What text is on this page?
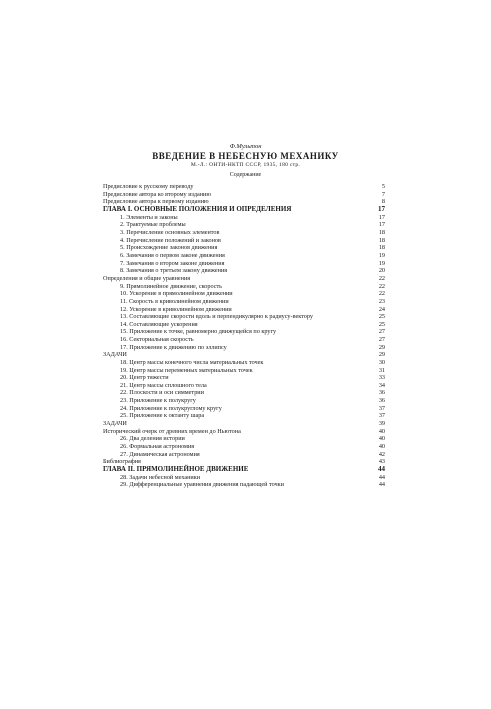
Ф.Мультон
ВВЕДЕНИЕ В НЕБЕСНУЮ МЕХАНИКУ
М.-Л.: ОНТИ-НКТП СССР, 1935, 180 стр.
Содержание
Предисловие к русскому переводу	5
Предисловие автора ко второму изданию	7
Предисловие автора к первому изданию	8
ГЛАВА I. ОСНОВНЫЕ ПОЛОЖЕНИЯ И ОПРЕДЕЛЕНИЯ	17
1. Элементы и законы	17
2. Трактуемые проблемы	17
3. Перечисление основных элементов	18
4. Перечисление положений и законов	18
5. Происхождение законов движения	18
6. Замечания о первом законе движения	19
7. Замечания о втором законе движения	19
8. Замечания о третьем закону движения	20
Определения и общие уравнения	22
9. Прямолинейное движение, скорость	22
10. Ускорение в прямолинейном движении	22
11. Скорость в криволинейном движении	23
12. Ускорение в криволинейном движении	24
13. Составляющие скорости вдоль и перпендикулярно к радиусу-вектору	25
14. Составляющие ускорения	25
15. Приложение к точке, равномерно движущейся по кругу	27
16. Секториальная скорость	27
17. Приложение к движению по эллипсу	29
ЗАДАЧИ	29
18. Центр массы конечного числа материальных точек	30
19. Центр массы переменных материальных точек	31
20. Центр тяжести	33
21. Центр массы сплошного тела	34
22. Плоскости и оси симметрии	36
23. Приложение к полукругу	36
24. Приложение к полукруглому кругу	37
25. Приложение к октанту шара	37
ЗАДАЧИ	39
Исторический очерк от древних времен до Ньютона	40
26. Два деления истории	40
26. Формальная астрономия	40
27. Динамическая астрономия	42
Библиография	43
ГЛАВА II. ПРЯМОЛИНЕЙНОЕ ДВИЖЕНИЕ	44
28. Задачи небесной механики	44
29. Дифференциальные уравнения движения падающей точки	44
